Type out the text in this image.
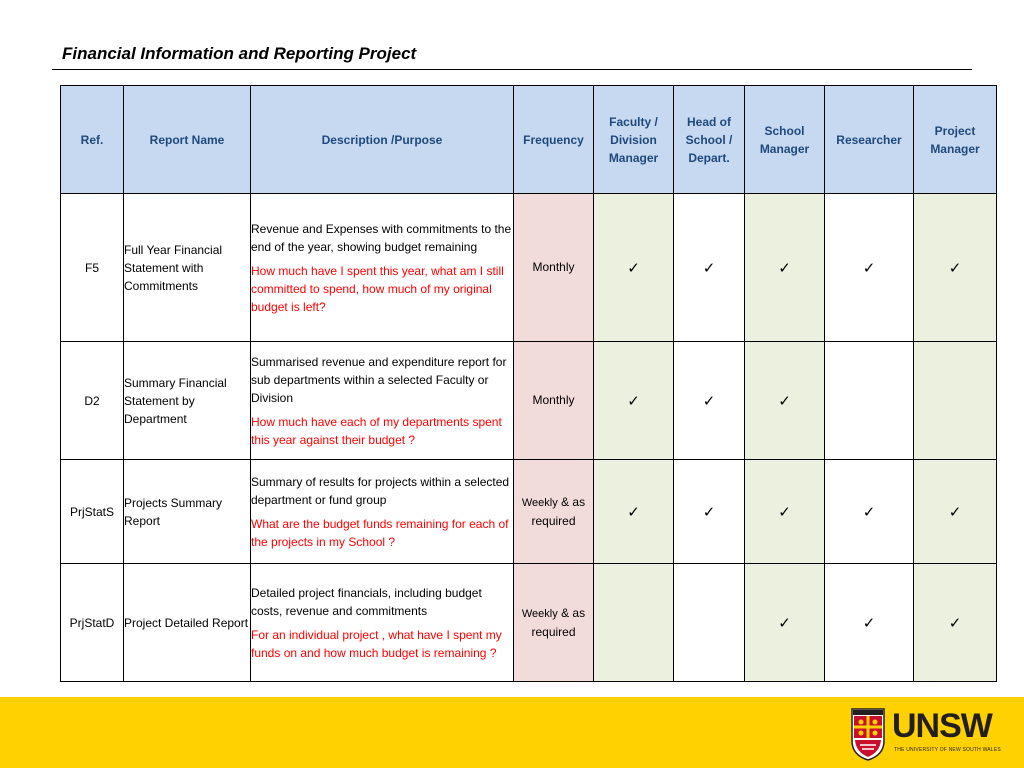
Financial Information and Reporting Project
Ref.	Report Name	Description /Purpose	Frequency	Faculty / Division Manager	Head of School / Depart.	School Manager	Researcher	Project Manager
F5	Full Year Financial Statement with Commitments	Revenue and Expenses with commitments to the end of the year, showing budget remaining
How much have I spent this year, what am I still committed to spend, how much of my original budget is left?	Monthly	✓	✓	✓	✓	✓
D2	Summary Financial Statement by Department	Summarised revenue and expenditure report for sub departments within a selected Faculty or Division
How much have each of my departments spent this year against their budget ?	Monthly	✓	✓	✓		
PrjStatS	Projects Summary Report	Summary of results for projects within a selected department or fund group
What are the budget funds remaining for each of the projects in my School ?	Weekly & as required	✓	✓	✓	✓	✓
PrjStatD	Project Detailed Report	Detailed project financials, including budget costs, revenue and commitments
For an individual project , what have I spent my funds on and how much budget is remaining ?	Weekly & as required			✓	✓	✓
UNSW
THE UNIVERSITY OF NEW SOUTH WALES
